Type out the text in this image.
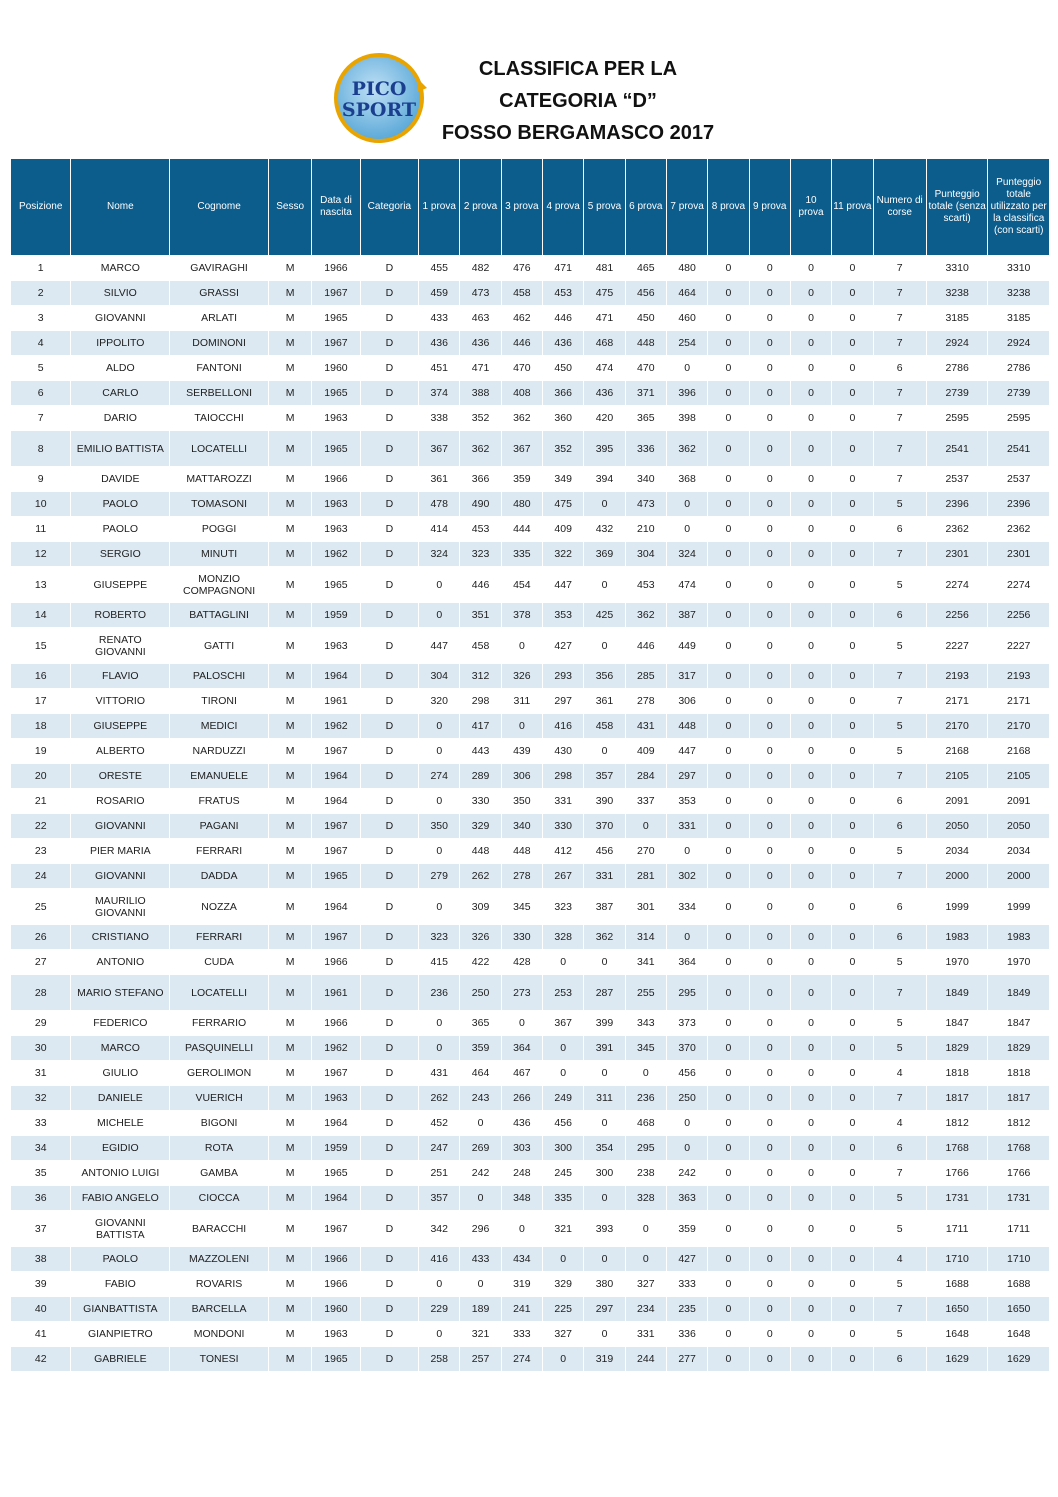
PICO
SPORT
CLASSIFICA PER LA
CATEGORIA “D”
FOSSO BERGAMASCO 2017
Posizione	Nome	Cognome	Sesso	Data di nascita	Categoria	1 prova	2 prova	3 prova	4 prova	5 prova	6 prova	7 prova	8 prova	9 prova	10 prova	11 prova	Numero di corse	Punteggio totale (senza scarti)	Punteggio totale utilizzato per la classifica (con scarti)
1	MARCO	GAVIRAGHI	M	1966	D	455	482	476	471	481	465	480	0	0	0	0	7	3310	3310
2	SILVIO	GRASSI	M	1967	D	459	473	458	453	475	456	464	0	0	0	0	7	3238	3238
3	GIOVANNI	ARLATI	M	1965	D	433	463	462	446	471	450	460	0	0	0	0	7	3185	3185
4	IPPOLITO	DOMINONI	M	1967	D	436	436	446	436	468	448	254	0	0	0	0	7	2924	2924
5	ALDO	FANTONI	M	1960	D	451	471	470	450	474	470	0	0	0	0	0	6	2786	2786
6	CARLO	SERBELLONI	M	1965	D	374	388	408	366	436	371	396	0	0	0	0	7	2739	2739
7	DARIO	TAIOCCHI	M	1963	D	338	352	362	360	420	365	398	0	0	0	0	7	2595	2595
8	EMILIO BATTISTA	LOCATELLI	M	1965	D	367	362	367	352	395	336	362	0	0	0	0	7	2541	2541
9	DAVIDE	MATTAROZZI	M	1966	D	361	366	359	349	394	340	368	0	0	0	0	7	2537	2537
10	PAOLO	TOMASONI	M	1963	D	478	490	480	475	0	473	0	0	0	0	0	5	2396	2396
11	PAOLO	POGGI	M	1963	D	414	453	444	409	432	210	0	0	0	0	0	6	2362	2362
12	SERGIO	MINUTI	M	1962	D	324	323	335	322	369	304	324	0	0	0	0	7	2301	2301
13	GIUSEPPE	MONZIO COMPAGNONI	M	1965	D	0	446	454	447	0	453	474	0	0	0	0	5	2274	2274
14	ROBERTO	BATTAGLINI	M	1959	D	0	351	378	353	425	362	387	0	0	0	0	6	2256	2256
15	RENATO GIOVANNI	GATTI	M	1963	D	447	458	0	427	0	446	449	0	0	0	0	5	2227	2227
16	FLAVIO	PALOSCHI	M	1964	D	304	312	326	293	356	285	317	0	0	0	0	7	2193	2193
17	VITTORIO	TIRONI	M	1961	D	320	298	311	297	361	278	306	0	0	0	0	7	2171	2171
18	GIUSEPPE	MEDICI	M	1962	D	0	417	0	416	458	431	448	0	0	0	0	5	2170	2170
19	ALBERTO	NARDUZZI	M	1967	D	0	443	439	430	0	409	447	0	0	0	0	5	2168	2168
20	ORESTE	EMANUELE	M	1964	D	274	289	306	298	357	284	297	0	0	0	0	7	2105	2105
21	ROSARIO	FRATUS	M	1964	D	0	330	350	331	390	337	353	0	0	0	0	6	2091	2091
22	GIOVANNI	PAGANI	M	1967	D	350	329	340	330	370	0	331	0	0	0	0	6	2050	2050
23	PIER MARIA	FERRARI	M	1967	D	0	448	448	412	456	270	0	0	0	0	0	5	2034	2034
24	GIOVANNI	DADDA	M	1965	D	279	262	278	267	331	281	302	0	0	0	0	7	2000	2000
25	MAURILIO GIOVANNI	NOZZA	M	1964	D	0	309	345	323	387	301	334	0	0	0	0	6	1999	1999
26	CRISTIANO	FERRARI	M	1967	D	323	326	330	328	362	314	0	0	0	0	0	6	1983	1983
27	ANTONIO	CUDA	M	1966	D	415	422	428	0	0	341	364	0	0	0	0	5	1970	1970
28	MARIO STEFANO	LOCATELLI	M	1961	D	236	250	273	253	287	255	295	0	0	0	0	7	1849	1849
29	FEDERICO	FERRARIO	M	1966	D	0	365	0	367	399	343	373	0	0	0	0	5	1847	1847
30	MARCO	PASQUINELLI	M	1962	D	0	359	364	0	391	345	370	0	0	0	0	5	1829	1829
31	GIULIO	GEROLIMON	M	1967	D	431	464	467	0	0	0	456	0	0	0	0	4	1818	1818
32	DANIELE	VUERICH	M	1963	D	262	243	266	249	311	236	250	0	0	0	0	7	1817	1817
33	MICHELE	BIGONI	M	1964	D	452	0	436	456	0	468	0	0	0	0	0	4	1812	1812
34	EGIDIO	ROTA	M	1959	D	247	269	303	300	354	295	0	0	0	0	0	6	1768	1768
35	ANTONIO LUIGI	GAMBA	M	1965	D	251	242	248	245	300	238	242	0	0	0	0	7	1766	1766
36	FABIO ANGELO	CIOCCA	M	1964	D	357	0	348	335	0	328	363	0	0	0	0	5	1731	1731
37	GIOVANNI BATTISTA	BARACCHI	M	1967	D	342	296	0	321	393	0	359	0	0	0	0	5	1711	1711
38	PAOLO	MAZZOLENI	M	1966	D	416	433	434	0	0	0	427	0	0	0	0	4	1710	1710
39	FABIO	ROVARIS	M	1966	D	0	0	319	329	380	327	333	0	0	0	0	5	1688	1688
40	GIANBATTISTA	BARCELLA	M	1960	D	229	189	241	225	297	234	235	0	0	0	0	7	1650	1650
41	GIANPIETRO	MONDONI	M	1963	D	0	321	333	327	0	331	336	0	0	0	0	5	1648	1648
42	GABRIELE	TONESI	M	1965	D	258	257	274	0	319	244	277	0	0	0	0	6	1629	1629
